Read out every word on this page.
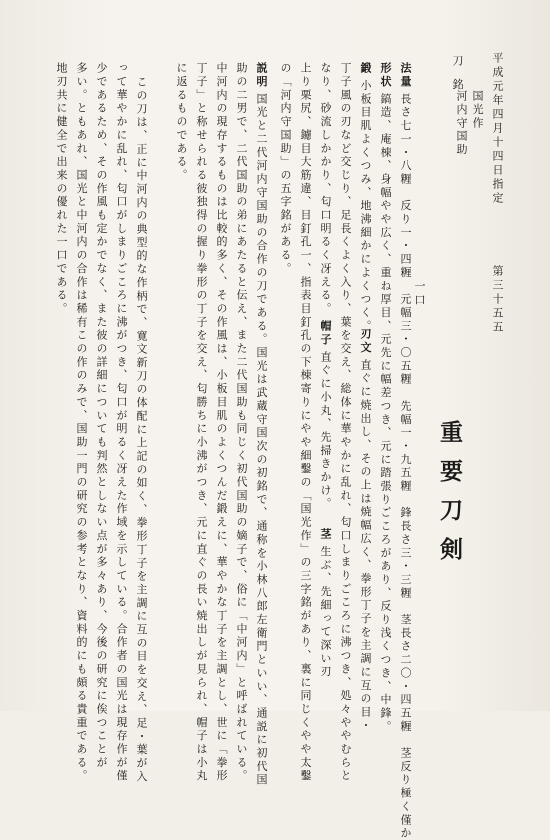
平成元年四月十四日指定
第三十五五
一口
重要刀剣
刀銘
国光作
河内守国助
法量長さ七一・八糎　反り一・四糎　元幅三・〇五糎　先幅一・九五糎　鋒長さ三・三糎　茎長さ二〇・四五糎　茎反り極く僅か
形状鎬造、庵棟、身幅やや広く、重ね厚目、元先に幅差つき、元に踏張りごころがあり、反り浅くつき、中鋒。
鍛小板目肌よくつみ、地沸細かによくつく。
刃文直ぐに焼出し、その上は焼幅広く、拳形丁子を主調に互の目・
丁子風の刃など交じり、足長くよく入り、葉を交え、総体に華やかに乱れ、匂口しまりごころに沸つき、処々ややむらと
なり、砂流しかかり、匂口明るく冴える。
帽子直ぐに小丸、先掃きかけ。
茎生ぶ、先細って深い刃
上り栗尻、鑢目大筋違、目釘孔一、指表目釘孔の下棟寄りにやや細鑿の「国光作」の三字銘があり、裏に同じくやや太鑿
の「河内守国助」の五字銘がある。
説明国光と二代河内守国助の合作の刀である。国光は武蔵守国次の初銘で、通称を小林八郎左衛門といい、通説に初代国
助の二男で、二代国助の弟にあたると伝え、また二代国助も同じく初代国助の嫡子で、俗に「中河内」と呼ばれている。
中河内の現存するものは比較的多く、その作風は、小板目肌のよくつんだ鍛えに、華やかな丁子を主調とし、世に「拳形
丁子」と称せられる彼独得の握り拳形の丁子を交え、匂勝ちに小沸がつき、元に直ぐの長い焼出しが見られ、帽子は小丸
に返るものである。
この刀は、正に中河内の典型的な作柄で、寛文新刀の体配に上記の如く、拳形丁子を主調に互の目を交え、足・葉が入
って華やかに乱れ、匂口がしまりごころに沸がつき、匂口が明るく冴えた作域を示している。合作者の国光は現存作が僅
少であるため、その作風も定かでなく、また彼の詳細についても判然としない点が多々あり、今後の研究に俟つことが
多い。ともあれ、国光と中河内の合作は稀有この作のみで、国助一門の研究の参考となり、資料的にも頗る貴重である。
地刃共に健全で出来の優れた一口である。
